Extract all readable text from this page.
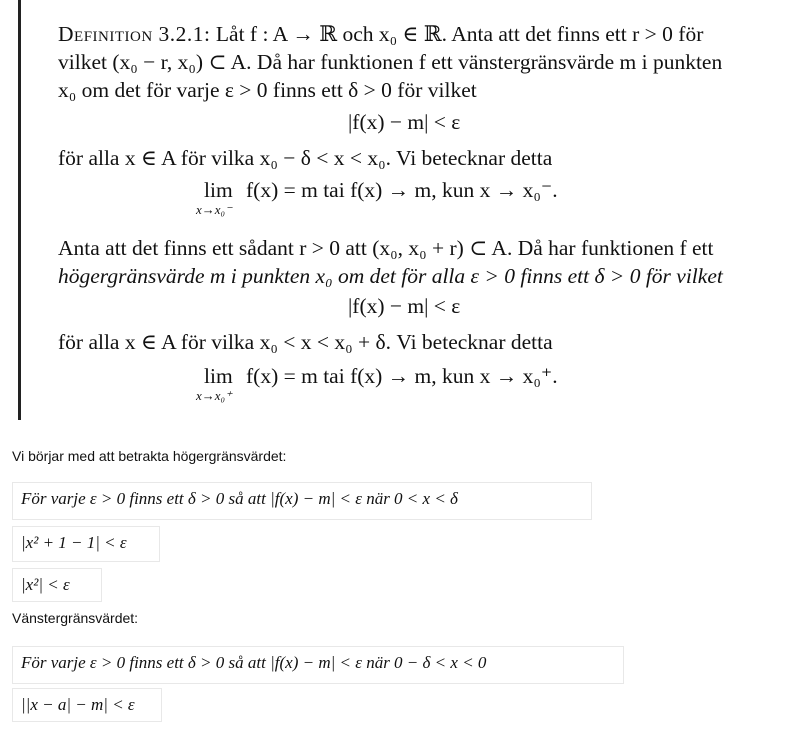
Definition 3.2.1: Låt f : A → ℝ och x₀ ∈ ℝ. Anta att det finns ett r > 0 för
vilket (x₀ − r, x₀) ⊂ A. Då har funktionen f ett vänstergränsvärde m i punkten
x₀ om det för varje ε > 0 finns ett δ > 0 för vilket
|f(x) − m| < ε
för alla x ∈ A för vilka x₀ − δ < x < x₀. Vi betecknar detta
lim
x→x₀⁻
f(x) = m tai f(x) → m, kun x → x₀⁻.
Anta att det finns ett sådant r > 0 att (x₀, x₀ + r) ⊂ A. Då har funktionen f ett
högergränsvärde m i punkten x₀ om det för alla ε > 0 finns ett δ > 0 för vilket
|f(x) − m| < ε
för alla x ∈ A för vilka x₀ < x < x₀ + δ. Vi betecknar detta
lim
x→x₀⁺
f(x) = m tai f(x) → m, kun x → x₀⁺.
Vi börjar med att betrakta högergränsvärdet:
För varje ε > 0 finns ett δ > 0 så att |f(x) − m| < ε när 0 < x < δ
|x² + 1 − 1| < ε
|x²| < ε
Vänstergränsvärdet:
För varje ε > 0 finns ett δ > 0 så att |f(x) − m| < ε när 0 − δ < x < 0
||x − a| − m| < ε
